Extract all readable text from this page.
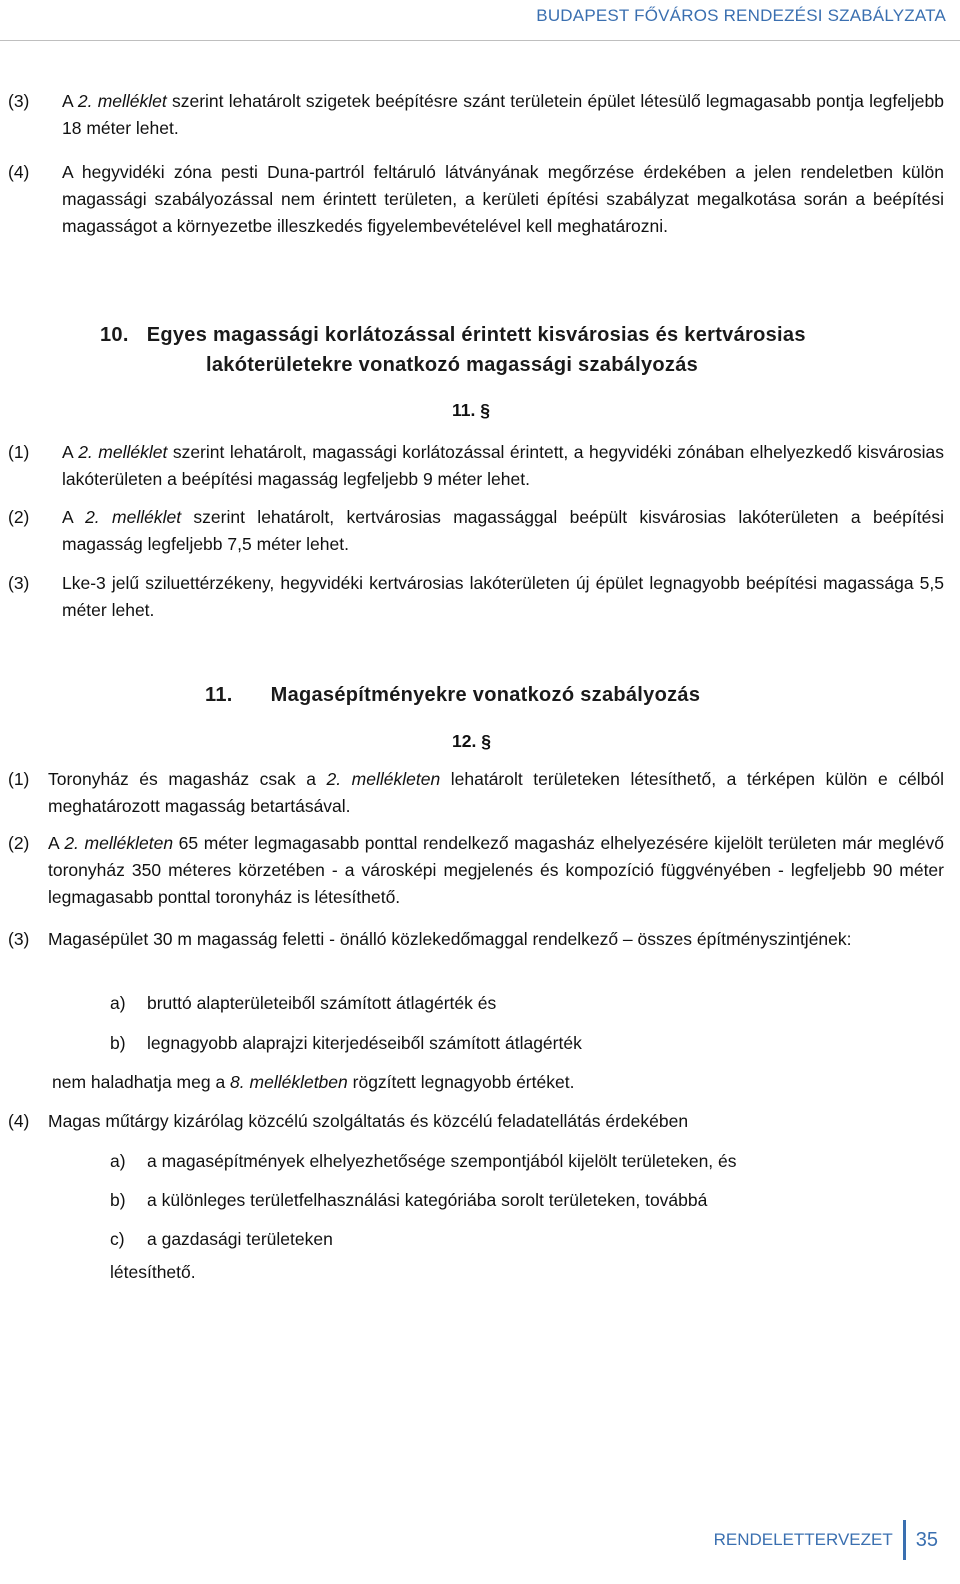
BUDAPEST FŐVÁROS RENDEZÉSI SZABÁLYZATA
(3) A 2. melléklet szerint lehatárolt szigetek beépítésre szánt területein épület létesülő legmagasabb pontja legfeljebb 18 méter lehet.
(4) A hegyvidéki zóna pesti Duna-partról feltáruló látványának megőrzése érdekében a jelen rendeletben külön magassági szabályozással nem érintett területen, a kerületi építési szabályzat megalkotása során a beépítési magasságot a környezetbe illeszkedés figyelembevételével kell meghatározni.
10. Egyes magassági korlátozással érintett kisvárosias és kertvárosias
lakóterületekre vonatkozó magassági szabályozás
11. §
(1) A 2. melléklet szerint lehatárolt, magassági korlátozással érintett, a hegyvidéki zónában elhelyezkedő kisvárosias lakóterületen a beépítési magasság legfeljebb 9 méter lehet.
(2) A 2. melléklet szerint lehatárolt, kertvárosias magassággal beépült kisvárosias lakóterületen a beépítési magasság legfeljebb 7,5 méter lehet.
(3) Lke-3 jelű sziluettérzékeny, hegyvidéki kertvárosias lakóterületen új épület legnagyobb beépítési magassága 5,5 méter lehet.
11. Magasépítményekre vonatkozó szabályozás
12. §
(1) Toronyház és magasház csak a 2. mellékleten lehatárolt területeken létesíthető, a térképen külön e célból meghatározott magasság betartásával.
(2) A 2. mellékleten 65 méter legmagasabb ponttal rendelkező magasház elhelyezésére kijelölt területen már meglévő toronyház 350 méteres körzetében - a városképi megjelenés és kompozíció függvényében - legfeljebb 90 méter legmagasabb ponttal toronyház is létesíthető.
(3) Magasépület 30 m magasság feletti - önálló közlekedőmaggal rendelkező – összes építményszintjének:
a) bruttó alapterületeiből számított átlagérték és
b) legnagyobb alaprajzi kiterjedéseiből számított átlagérték
nem haladhatja meg a 8. mellékletben rögzített legnagyobb értéket.
(4) Magas műtárgy kizárólag közcélú szolgáltatás és közcélú feladatellátás érdekében
a) a magasépítmények elhelyezhetősége szempontjából kijelölt területeken, és
b) a különleges területfelhasználási kategóriába sorolt területeken, továbbá
c) a gazdasági területeken
létesíthető.
RENDELETTERVEZET 35
